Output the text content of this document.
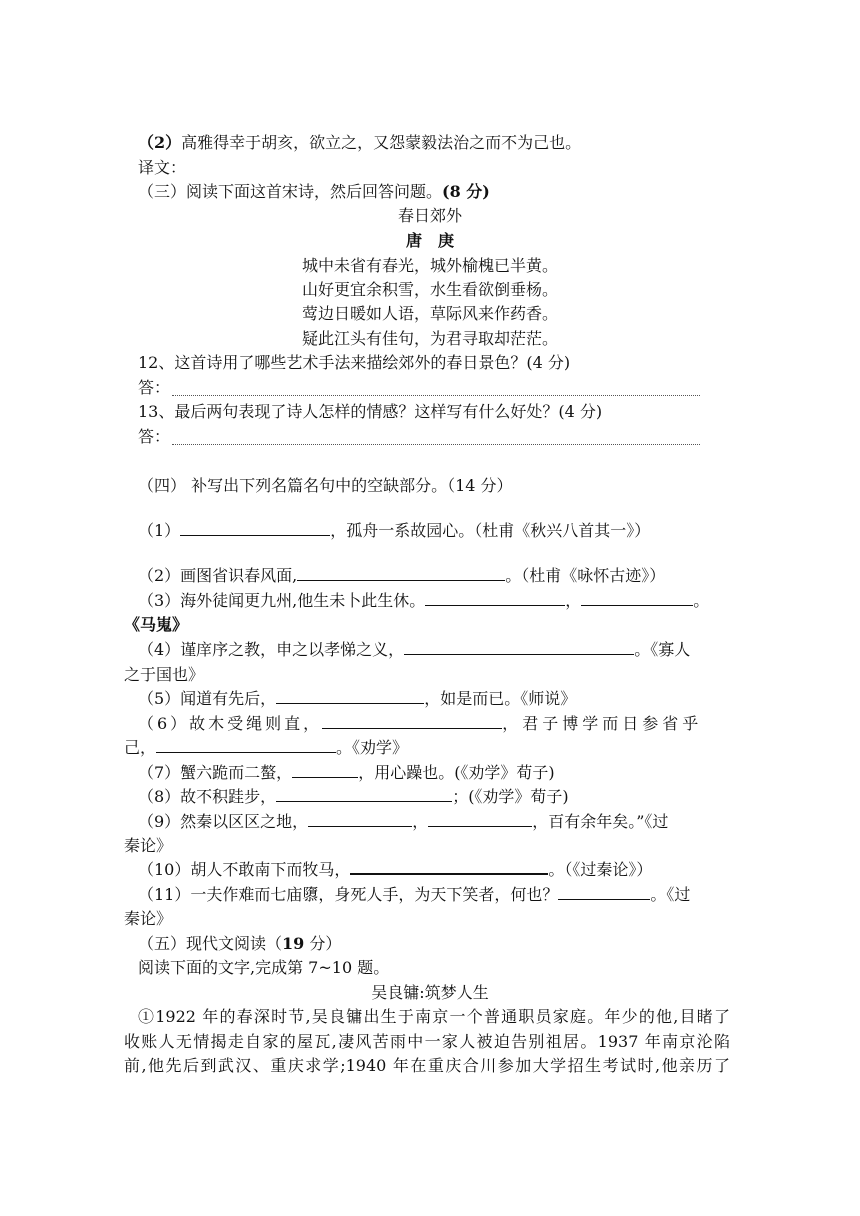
（2）高雅得幸于胡亥，欲立之，又怨蒙毅法治之而不为己也。
译文：
（三）阅读下面这首宋诗，然后回答问题。(8 分)
春日郊外
唐　庚
城中未省有春光，城外榆槐已半黄。
山好更宜余积雪，水生看欲倒垂杨。
莺边日暖如人语，草际风来作药香。
疑此江头有佳句，为君寻取却茫茫。
12、这首诗用了哪些艺术手法来描绘郊外的春日景色？(4 分)
答：
13、最后两句表现了诗人怎样的情感？这样写有什么好处？(4 分)
答：
（四） 补写出下列名篇名句中的空缺部分。（14 分）
（1）	，孤舟一系故园心。（杜甫《秋兴八首其一》）
（2）画图省识春风面,	。（杜甫《咏怀古迹》）
（3）海外徒闻更九州,他生未卜此生休。	，	。
《马嵬》
（4）谨庠序之教，申之以孝悌之义，	。《寡人
之于国也》
（5）闻道有先后，	，如是而已。《师说》
（6）故木受绳则直，	，君子博学而日参省乎
己，	。《劝学》
（7）蟹六跪而二螯，	，用心躁也。(《劝学》荀子)
（8）故不积跬步，	；(《劝学》荀子)
（9）然秦以区区之地，	，	，百有余年矣。”《过
秦论》
（10）胡人不敢南下而牧马，	。（《过秦论》）
（11）一夫作难而七庙隳，身死人手，为天下笑者，何也？	。《过
秦论》
（五）现代文阅读（19 分）
阅读下面的文字,完成第 7~10 题。
吴良镛:筑梦人生
①1922 年的春深时节,吴良镛出生于南京一个普通职员家庭。年少的他,目睹了
收账人无情揭走自家的屋瓦,凄风苦雨中一家人被迫告别祖居。1937 年南京沦陷
前,他先后到武汉、重庆求学;1940 年在重庆合川参加大学招生考试时,他亲历了
